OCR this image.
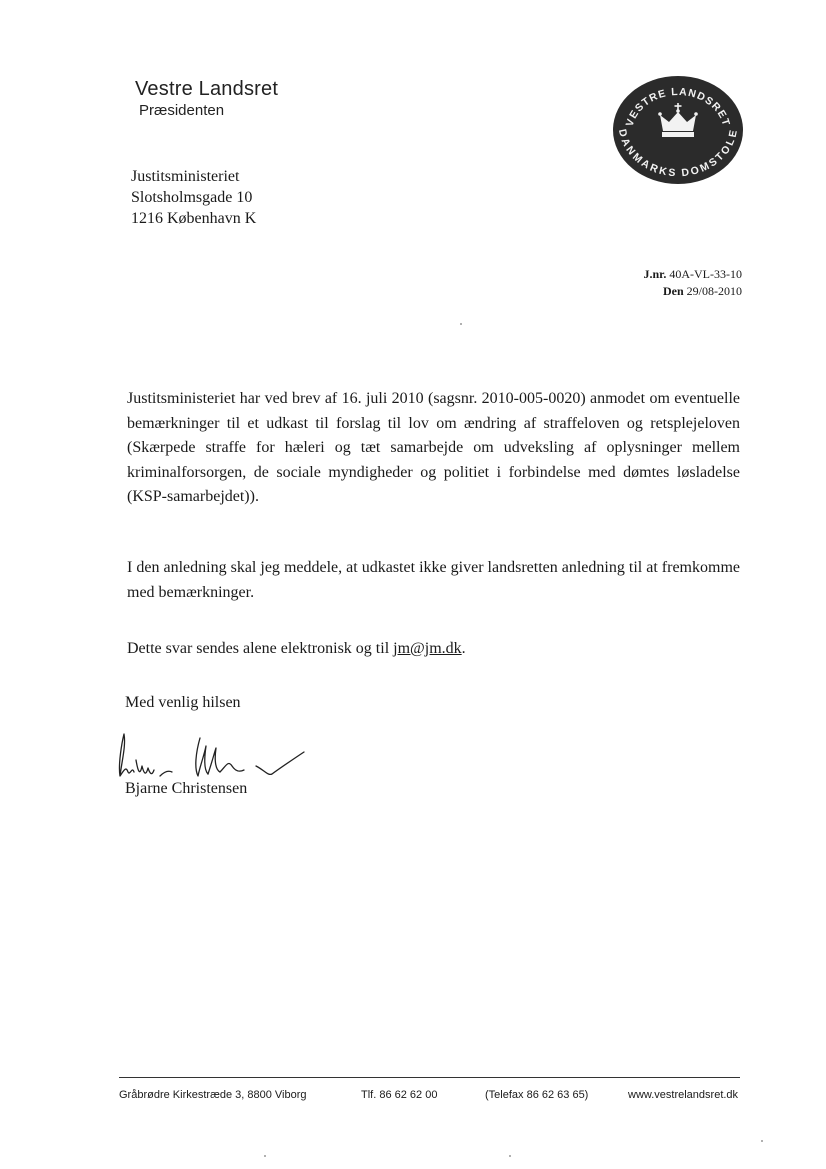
Vestre Landsret
Præsidenten
VESTRE LANDSRET
DANMARKS DOMSTOLE
Justitsministeriet
Slotsholmsgade 10
1216 København K
J.nr. 40A-VL-33-10
Den 29/08-2010
Justitsministeriet har ved brev af 16. juli 2010 (sagsnr. 2010-005-0020) anmodet om eventuelle bemærkninger til et udkast til forslag til lov om ændring af straffeloven og retsplejeloven (Skærpede straffe for hæleri og tæt samarbejde om udveksling af oplysninger mellem kriminalforsorgen, de sociale myndigheder og politiet i forbindelse med dømtes løsladelse (KSP-samarbejdet)).
I den anledning skal jeg meddele, at udkastet ikke giver landsretten anledning til at fremkomme med bemærkninger.
Dette svar sendes alene elektronisk og til jm@jm.dk.
Med venlig hilsen
Bjarne Christensen
Gråbrødre Kirkestræde 3, 8800 Viborg	Tlf. 86 62 62 00	(Telefax 86 62 63 65)	www.vestrelandsret.dk
